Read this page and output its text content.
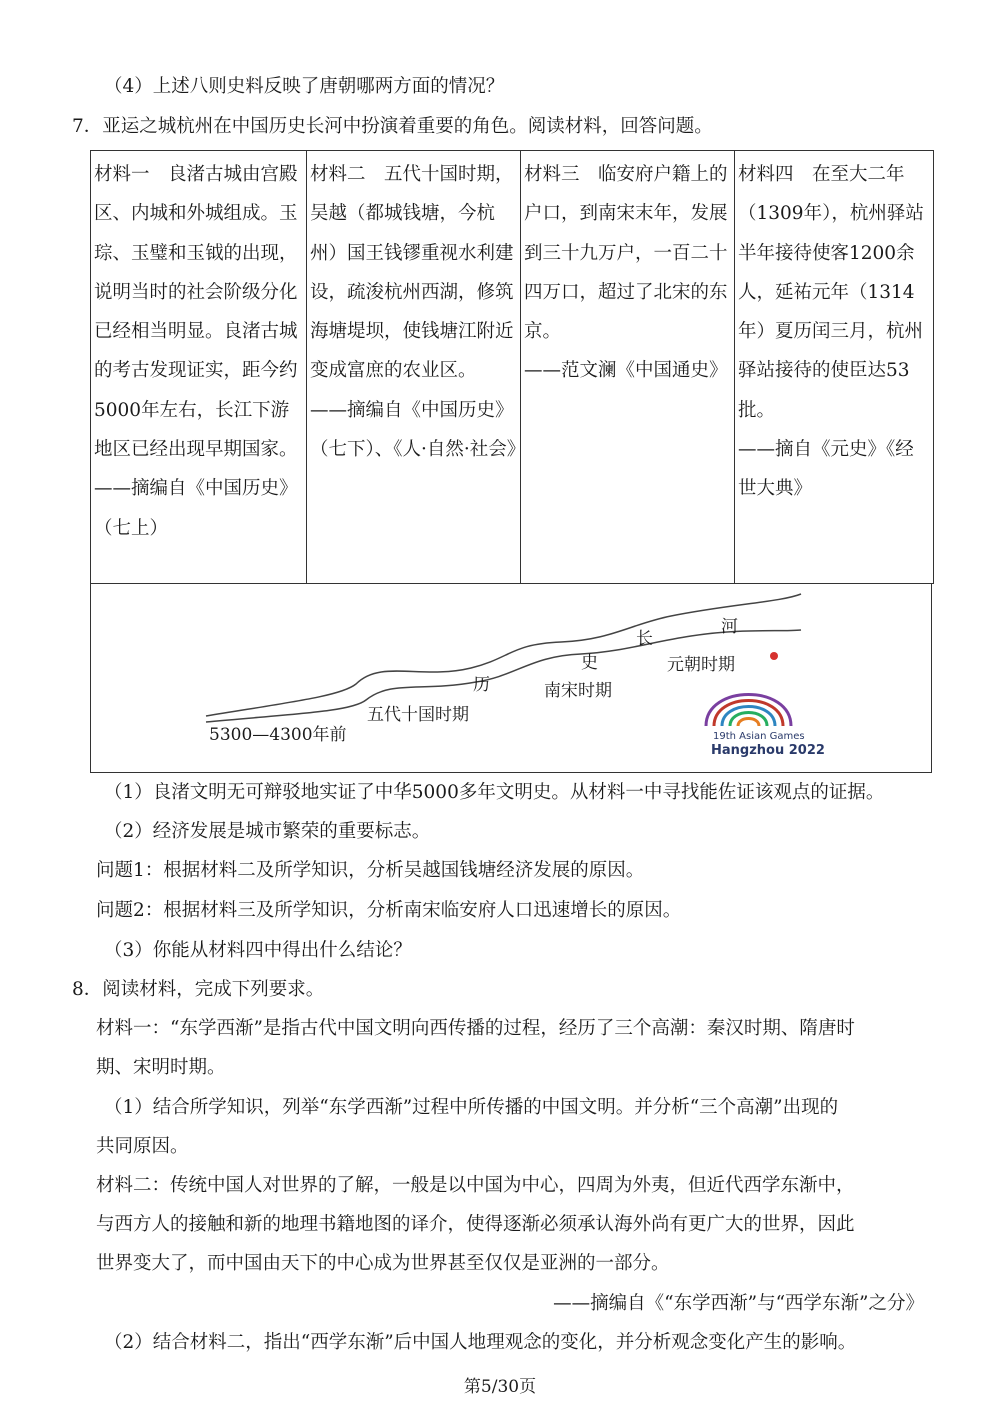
（4）上述八则史料反映了唐朝哪两方面的情况？
7．亚运之城杭州在中国历史长河中扮演着重要的角色。阅读材料，回答问题。
材料一　良渚古城由宫殿区、内城和外城组成。玉琮、玉璧和玉钺的出现，说明当时的社会阶级分化已经相当明显。良渚古城的考古发现证实，距今约5000年左右，长江下游地区已经出现早期国家。
——摘编自《中国历史》（七上）

材料二　五代十国时期，吴越（都城钱塘，今杭州）国王钱镠重视水利建设，疏浚杭州西湖，修筑海塘堤坝，使钱塘江附近变成富庶的农业区。
——摘编自《中国历史》（七下）、《人·自然·社会》

材料三　临安府户籍上的户口，到南宋末年，发展到三十九万户，一百二十四万口，超过了北宋的东京。
——范文澜《中国通史》

材料四　在至大二年（1309年），杭州驿站半年接待使客1200余人，延祐元年（1314年）夏历闰三月，杭州驿站接待的使臣达53批。
——摘自《元史》《经世大典》
河
长
史
历
元朝时期
南宋时期
五代十国时期
5300—4300年前	19th Asian Games
Hangzhou 2022
（1）良渚文明无可辩驳地实证了中华5000多年文明史。从材料一中寻找能佐证该观点的证据。
（2）经济发展是城市繁荣的重要标志。
问题1：根据材料二及所学知识，分析吴越国钱塘经济发展的原因。
问题2：根据材料三及所学知识，分析南宋临安府人口迅速增长的原因。
（3）你能从材料四中得出什么结论？
8．阅读材料，完成下列要求。
材料一：“东学西渐”是指古代中国文明向西传播的过程，经历了三个高潮：秦汉时期、隋唐时
期、宋明时期。
（1）结合所学知识，列举“东学西渐”过程中所传播的中国文明。并分析“三个高潮”出现的
共同原因。
材料二：传统中国人对世界的了解，一般是以中国为中心，四周为外夷，但近代西学东渐中，
与西方人的接触和新的地理书籍地图的译介，使得逐渐必须承认海外尚有更广大的世界，因此
世界变大了，而中国由天下的中心成为世界甚至仅仅是亚洲的一部分。
——摘编自《“东学西渐”与“西学东渐”之分》
（2）结合材料二，指出“西学东渐”后中国人地理观念的变化，并分析观念变化产生的影响。
第5/30页
